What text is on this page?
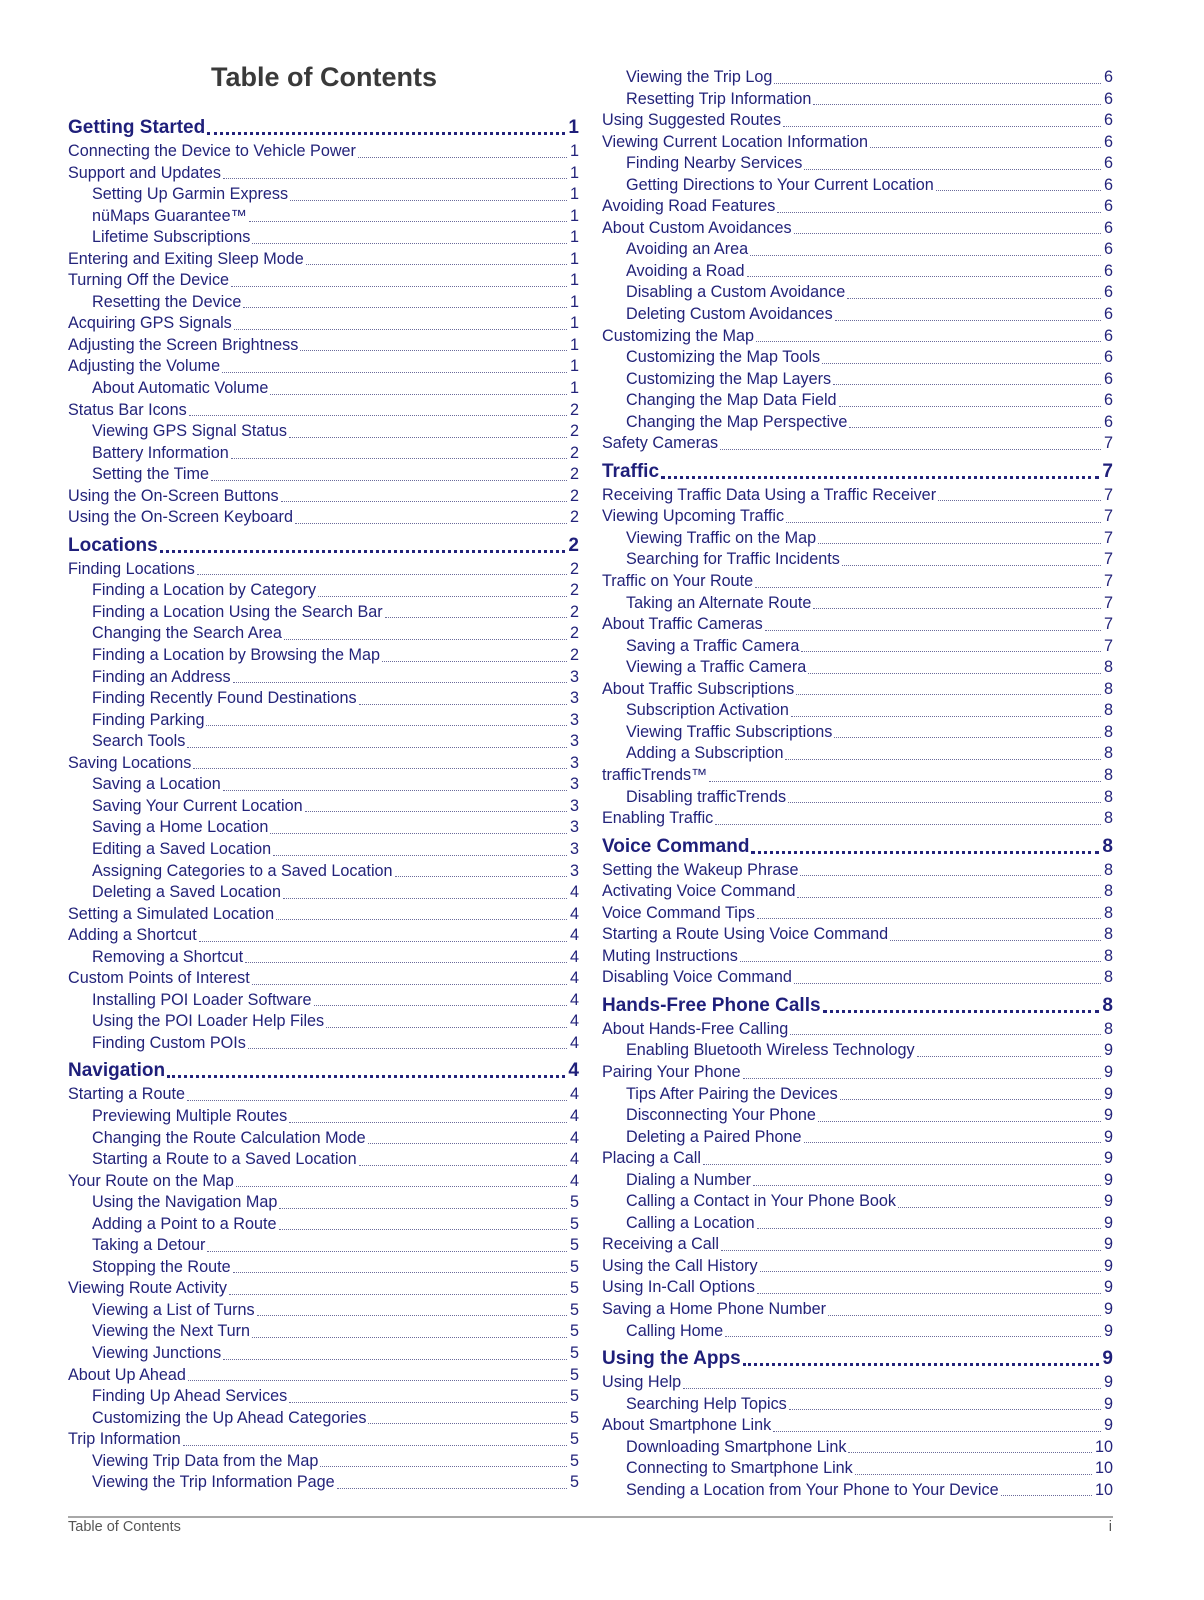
Table of Contents
Getting Started	1
Connecting the Device to Vehicle Power	1
Support and Updates	1
Setting Up Garmin Express	1
nüMaps Guarantee™	1
Lifetime Subscriptions	1
Entering and Exiting Sleep Mode	1
Turning Off the Device	1
Resetting the Device	1
Acquiring GPS Signals	1
Adjusting the Screen Brightness	1
Adjusting the Volume	1
About Automatic Volume	1
Status Bar Icons	2
Viewing GPS Signal Status	2
Battery Information	2
Setting the Time	2
Using the On-Screen Buttons	2
Using the On-Screen Keyboard	2
Locations	2
Finding Locations	2
Finding a Location by Category	2
Finding a Location Using the Search Bar	2
Changing the Search Area	2
Finding a Location by Browsing the Map	2
Finding an Address	3
Finding Recently Found Destinations	3
Finding Parking	3
Search Tools	3
Saving Locations	3
Saving a Location	3
Saving Your Current Location	3
Saving a Home Location	3
Editing a Saved Location	3
Assigning Categories to a Saved Location	3
Deleting a Saved Location	4
Setting a Simulated Location	4
Adding a Shortcut	4
Removing a Shortcut	4
Custom Points of Interest	4
Installing POI Loader Software	4
Using the POI Loader Help Files	4
Finding Custom POIs	4
Navigation	4
Starting a Route	4
Previewing Multiple Routes	4
Changing the Route Calculation Mode	4
Starting a Route to a Saved Location	4
Your Route on the Map	4
Using the Navigation Map	5
Adding a Point to a Route	5
Taking a Detour	5
Stopping the Route	5
Viewing Route Activity	5
Viewing a List of Turns	5
Viewing the Next Turn	5
Viewing Junctions	5
About Up Ahead	5
Finding Up Ahead Services	5
Customizing the Up Ahead Categories	5
Trip Information	5
Viewing Trip Data from the Map	5
Viewing the Trip Information Page	5
Viewing the Trip Log	6
Resetting Trip Information	6
Using Suggested Routes	6
Viewing Current Location Information	6
Finding Nearby Services	6
Getting Directions to Your Current Location	6
Avoiding Road Features	6
About Custom Avoidances	6
Avoiding an Area	6
Avoiding a Road	6
Disabling a Custom Avoidance	6
Deleting Custom Avoidances	6
Customizing the Map	6
Customizing the Map Tools	6
Customizing the Map Layers	6
Changing the Map Data Field	6
Changing the Map Perspective	6
Safety Cameras	7
Traffic	7
Receiving Traffic Data Using a Traffic Receiver	7
Viewing Upcoming Traffic	7
Viewing Traffic on the Map	7
Searching for Traffic Incidents	7
Traffic on Your Route	7
Taking an Alternate Route	7
About Traffic Cameras	7
Saving a Traffic Camera	7
Viewing a Traffic Camera	8
About Traffic Subscriptions	8
Subscription Activation	8
Viewing Traffic Subscriptions	8
Adding a Subscription	8
trafficTrends™	8
Disabling trafficTrends	8
Enabling Traffic	8
Voice Command	8
Setting the Wakeup Phrase	8
Activating Voice Command	8
Voice Command Tips	8
Starting a Route Using Voice Command	8
Muting Instructions	8
Disabling Voice Command	8
Hands-Free Phone Calls	8
About Hands-Free Calling	8
Enabling Bluetooth Wireless Technology	9
Pairing Your Phone	9
Tips After Pairing the Devices	9
Disconnecting Your Phone	9
Deleting a Paired Phone	9
Placing a Call	9
Dialing a Number	9
Calling a Contact in Your Phone Book	9
Calling a Location	9
Receiving a Call	9
Using the Call History	9
Using In-Call Options	9
Saving a Home Phone Number	9
Calling Home	9
Using the Apps	9
Using Help	9
Searching Help Topics	9
About Smartphone Link	9
Downloading Smartphone Link	10
Connecting to Smartphone Link	10
Sending a Location from Your Phone to Your Device	10
Table of Contents	i
